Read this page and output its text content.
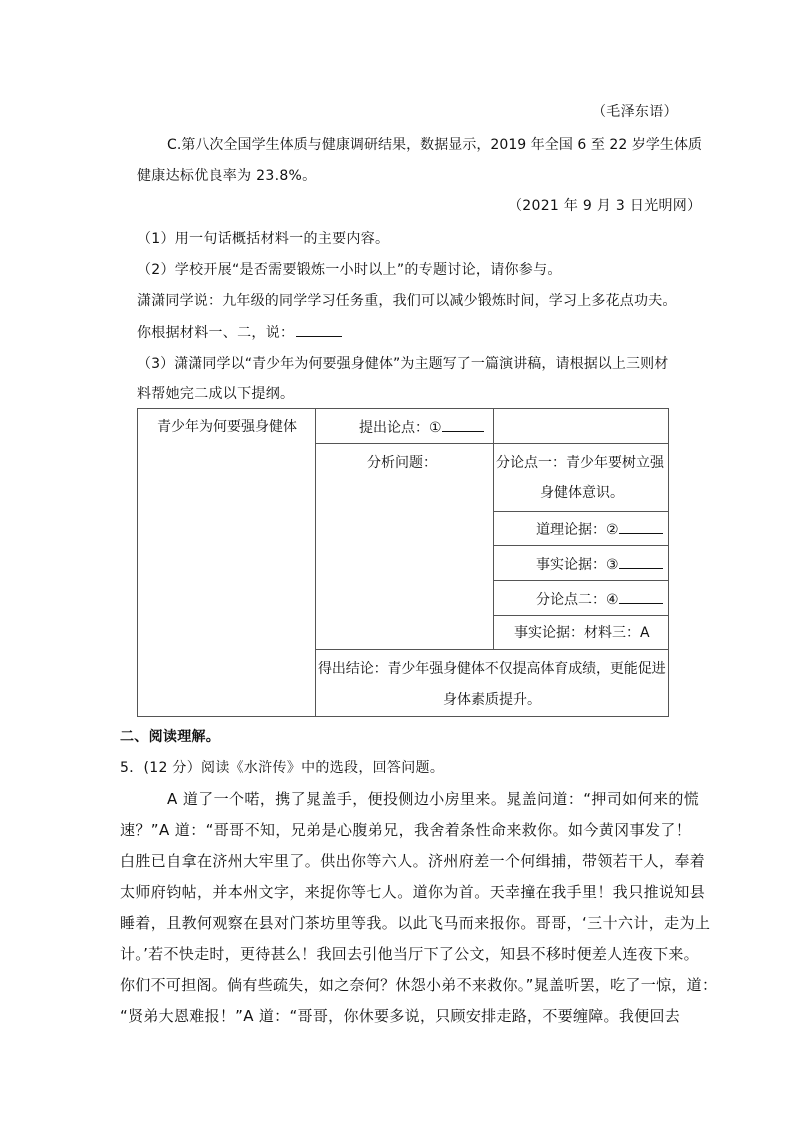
（毛泽东语）
C.第八次全国学生体质与健康调研结果，数据显示，2019 年全国 6 至 22 岁学生体质
健康达标优良率为 23.8%。
（2021 年 9 月 3 日光明网）
（1）用一句话概括材料一的主要内容。
（2）学校开展“是否需要锻炼一小时以上”的专题讨论，请你参与。
潇潇同学说：九年级的同学学习任务重，我们可以减少锻炼时间，学习上多花点功夫。
你根据材料一、二，说：
（3）潇潇同学以“青少年为何要强身健体”为主题写了一篇演讲稿，请根据以上三则材
料帮她完二成以下提纲。
青少年为何要强身健体	提出论点：①
分析问题：	分论点一：青少年要树立强
身健体意识。
道理论据：②
事实论据：③
分论点二：④
事实论据：材料三：A
得出结论：青少年强身健体不仅提高体育成绩，更能促进
身体素质提升。
二、阅读理解。
5．(12 分）阅读《水浒传》中的选段，回答问题。
A 道了一个喏，携了晁盖手，便投侧边小房里来。晁盖问道：“押司如何来的慌
速？”A 道：“哥哥不知，兄弟是心腹弟兄，我舍着条性命来救你。如今黄冈事发了！
白胜已自拿在济州大牢里了。供出你等六人。济州府差一个何缉捕，带领若干人，奉着
太师府钧帖，并本州文字，来捉你等七人。道你为首。天幸撞在我手里！我只推说知县
睡着，且教何观察在县对门茶坊里等我。以此飞马而来报你。哥哥，‘三十六计，走为上
计。’若不快走时，更待甚么！我回去引他当厅下了公文，知县不移时便差人连夜下来。
你们不可担阁。倘有些疏失，如之奈何？休怨小弟不来救你。”晁盖听罢，吃了一惊，道：
“贤弟大恩难报！”A 道：“哥哥，你休要多说，只顾安排走路，不要缠障。我便回去
